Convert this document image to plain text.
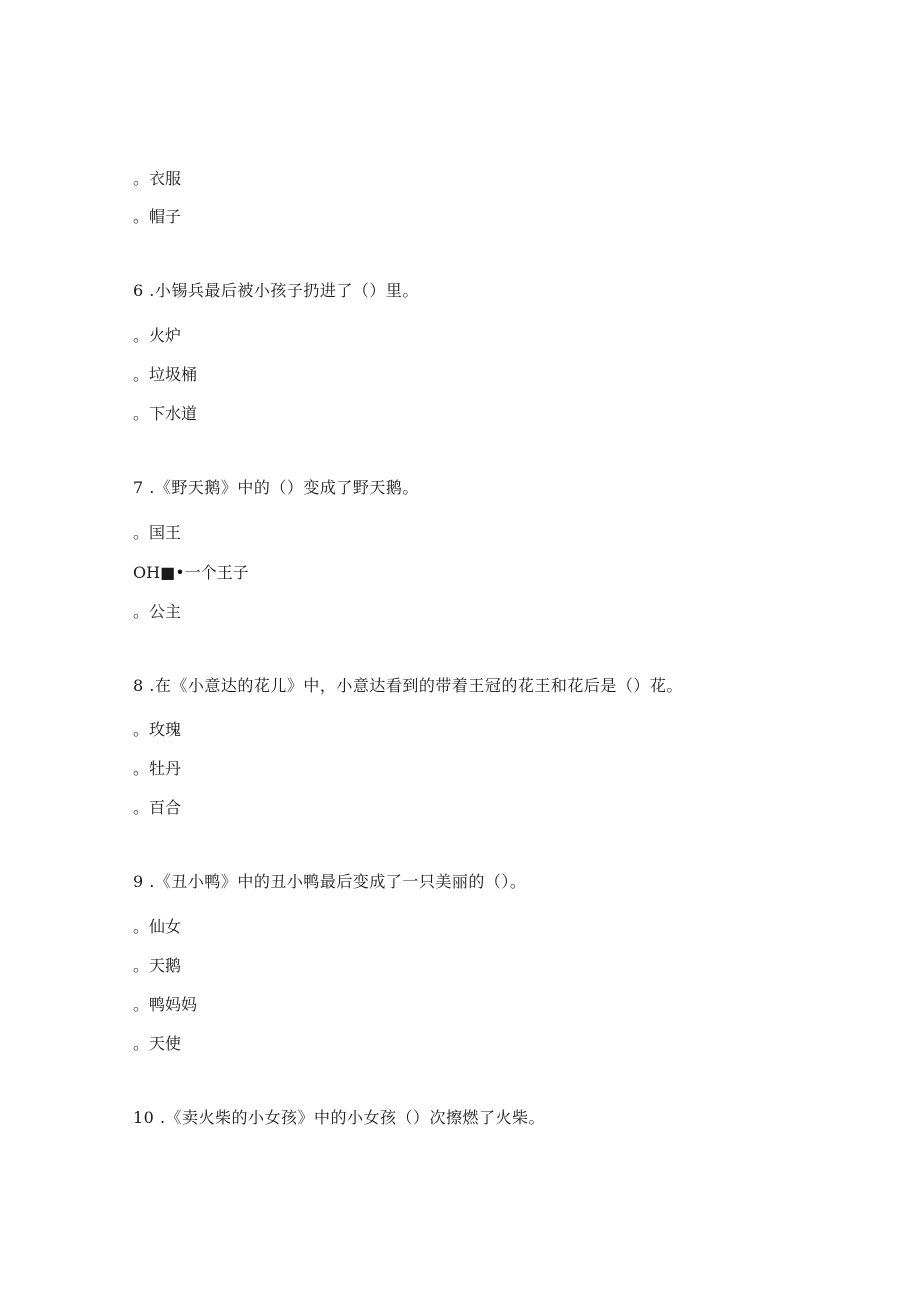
。衣服
。帽子
6 .小锡兵最后被小孩子扔进了（）里。
。火炉
。垃圾桶
。下水道
7 .《野天鹅》中的（）变成了野天鹅。
。国王
OH■•一个王子
。公主
8 .在《小意达的花儿》中，小意达看到的带着王冠的花王和花后是（）花。
。玫瑰
。牡丹
。百合
9 .《丑小鸭》中的丑小鸭最后变成了一只美丽的（）。
。仙女
。天鹅
。鸭妈妈
。天使
10 .《卖火柴的小女孩》中的小女孩（）次擦燃了火柴。
